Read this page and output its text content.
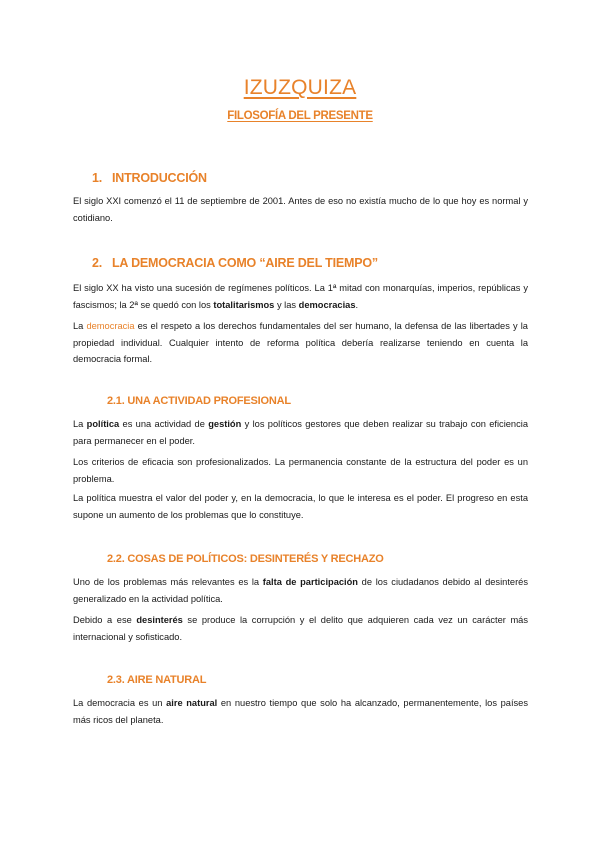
IZUZQUIZA
FILOSOFÍA DEL PRESENTE
1. INTRODUCCIÓN
El siglo XXI comenzó el 11 de septiembre de 2001. Antes de eso no existía mucho de lo que hoy es normal y cotidiano.
2. LA DEMOCRACIA COMO “AIRE DEL TIEMPO”
El siglo XX ha visto una sucesión de regímenes políticos. La 1ª mitad con monarquías, imperios, repúblicas y fascismos; la 2ª se quedó con los totalitarismos y las democracias.
La democracia es el respeto a los derechos fundamentales del ser humano, la defensa de las libertades y la propiedad individual. Cualquier intento de reforma política debería realizarse teniendo en cuenta la democracia formal.
2.1. UNA ACTIVIDAD PROFESIONAL
La política es una actividad de gestión y los políticos gestores que deben realizar su trabajo con eficiencia para permanecer en el poder.
Los criterios de eficacia son profesionalizados. La permanencia constante de la estructura del poder es un problema.
La política muestra el valor del poder y, en la democracia, lo que le interesa es el poder. El progreso en esta supone un aumento de los problemas que lo constituye.
2.2. COSAS DE POLÍTICOS: DESINTERÉS Y RECHAZO
Uno de los problemas más relevantes es la falta de participación de los ciudadanos debido al desinterés generalizado en la actividad política.
Debido a ese desinterés se produce la corrupción y el delito que adquieren cada vez un carácter más internacional y sofisticado.
2.3. AIRE NATURAL
La democracia es un aire natural en nuestro tiempo que solo ha alcanzado, permanentemente, los países más ricos del planeta.
